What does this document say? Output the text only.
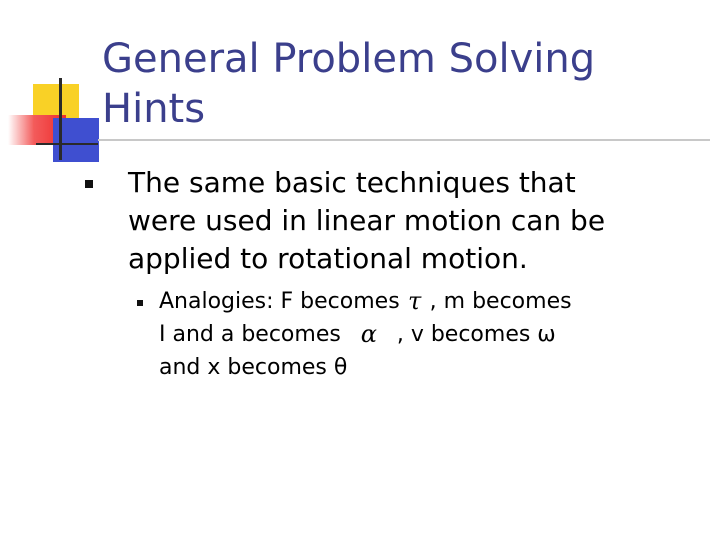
General Problem Solving
Hints
The same basic techniques that
were used in linear motion can be
applied to rotational motion.
Analogies: F becomes τ , m becomes
I and a becomes α , v becomes ω
and x becomes θ
